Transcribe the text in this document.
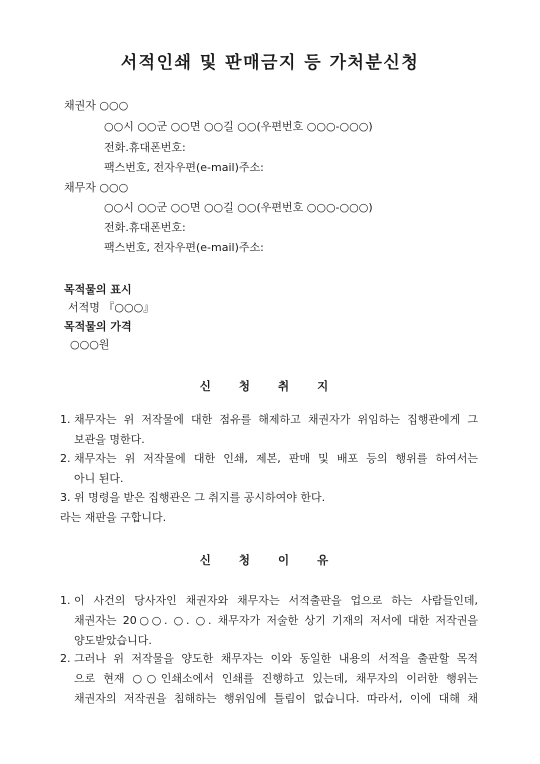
서적인쇄 및 판매금지 등 가처분신청
채권자 ○○○
○○시 ○○군 ○○면 ○○길 ○○(우편번호 ○○○-○○○)
전화․휴대폰번호:
팩스번호, 전자우편(e-mail)주소:
채무자 ○○○
○○시 ○○군 ○○면 ○○길 ○○(우편번호 ○○○-○○○)
전화․휴대폰번호:
팩스번호, 전자우편(e-mail)주소:
목적물의 표시
서적명 『○○○』
목적물의 가격
○○○원
신 청 취 지
1. 채무자는 위 저작물에 대한 점유를 해제하고 채권자가 위임하는 집행관에게 그
보관을 명한다.
2. 채무자는 위 저작물에 대한 인쇄, 제본, 판매 및 배포 등의 행위를 하여서는
아니 된다.
3. 위 명령을 받은 집행관은 그 취지를 공시하여야 한다.
라는 재판을 구합니다.
신 청 이 유
1. 이 사건의 당사자인 채권자와 채무자는 서적출판을 업으로 하는 사람들인데,
채권자는 20○○. ○. ○. 채무자가 저술한 상기 기재의 저서에 대한 저작권을
양도받았습니다.
2. 그러나 위 저작물을 양도한 채무자는 이와 동일한 내용의 서적을 출판할 목적
으로 현재 ○○인쇄소에서 인쇄를 진행하고 있는데, 채무자의 이러한 행위는
채권자의 저작권을 침해하는 행위임에 틀림이 없습니다. 따라서, 이에 대해 채
